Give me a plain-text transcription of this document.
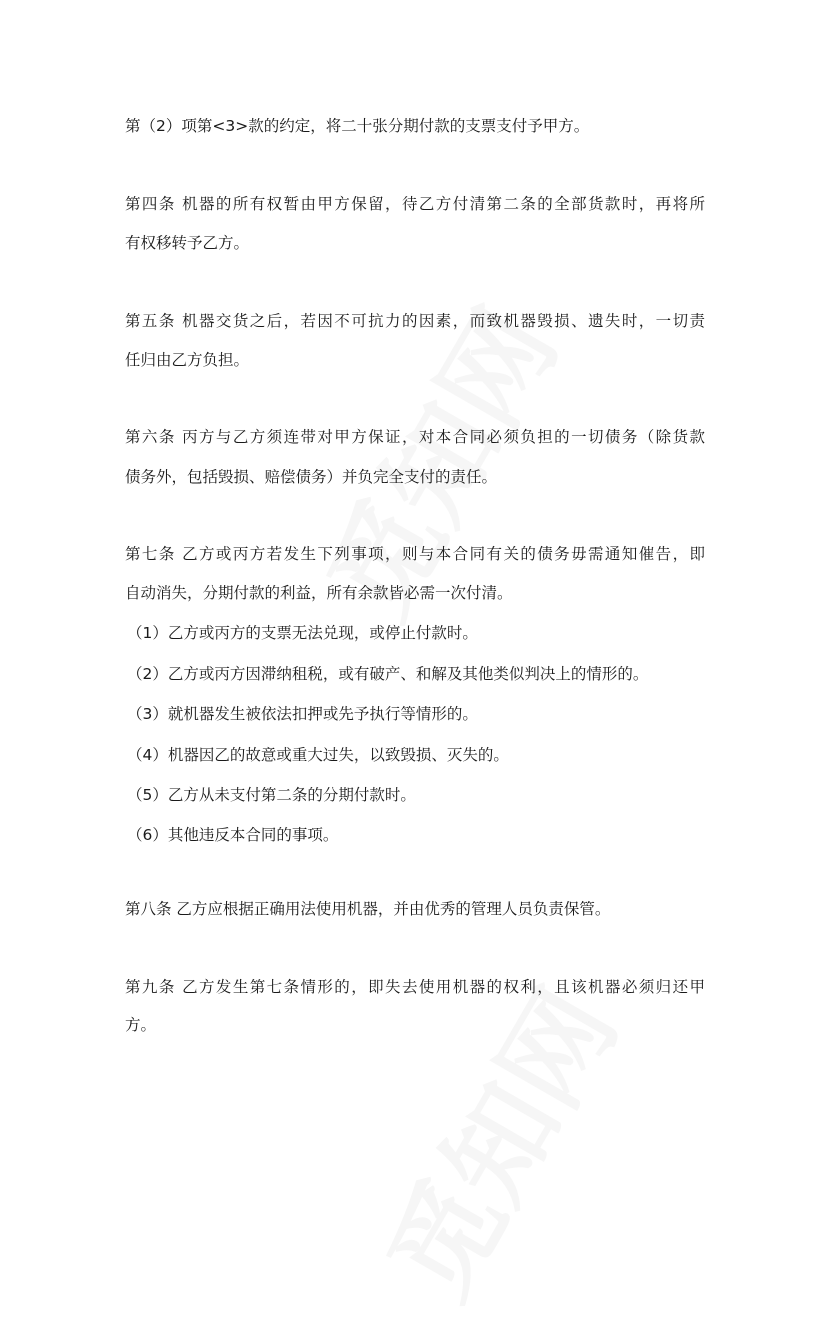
第（2）项第<3>款的约定，将二十张分期付款的支票支付予甲方。
第四条 机器的所有权暂由甲方保留，待乙方付清第二条的全部货款时，再将所
有权移转予乙方。
第五条 机器交货之后，若因不可抗力的因素，而致机器毁损、遗失时，一切责
任归由乙方负担。
第六条 丙方与乙方须连带对甲方保证，对本合同必须负担的一切债务（除货款
债务外，包括毁损、赔偿债务）并负完全支付的责任。
第七条 乙方或丙方若发生下列事项，则与本合同有关的债务毋需通知催告，即
自动消失，分期付款的利益，所有余款皆必需一次付清。
（1）乙方或丙方的支票无法兑现，或停止付款时。
（2）乙方或丙方因滞纳租税，或有破产、和解及其他类似判决上的情形的。
（3）就机器发生被依法扣押或先予执行等情形的。
（4）机器因乙的故意或重大过失，以致毁损、灭失的。
（5）乙方从未支付第二条的分期付款时。
（6）其他违反本合同的事项。
第八条 乙方应根据正确用法使用机器，并由优秀的管理人员负责保管。
第九条 乙方发生第七条情形的，即失去使用机器的权利，且该机器必须归还甲
方。
